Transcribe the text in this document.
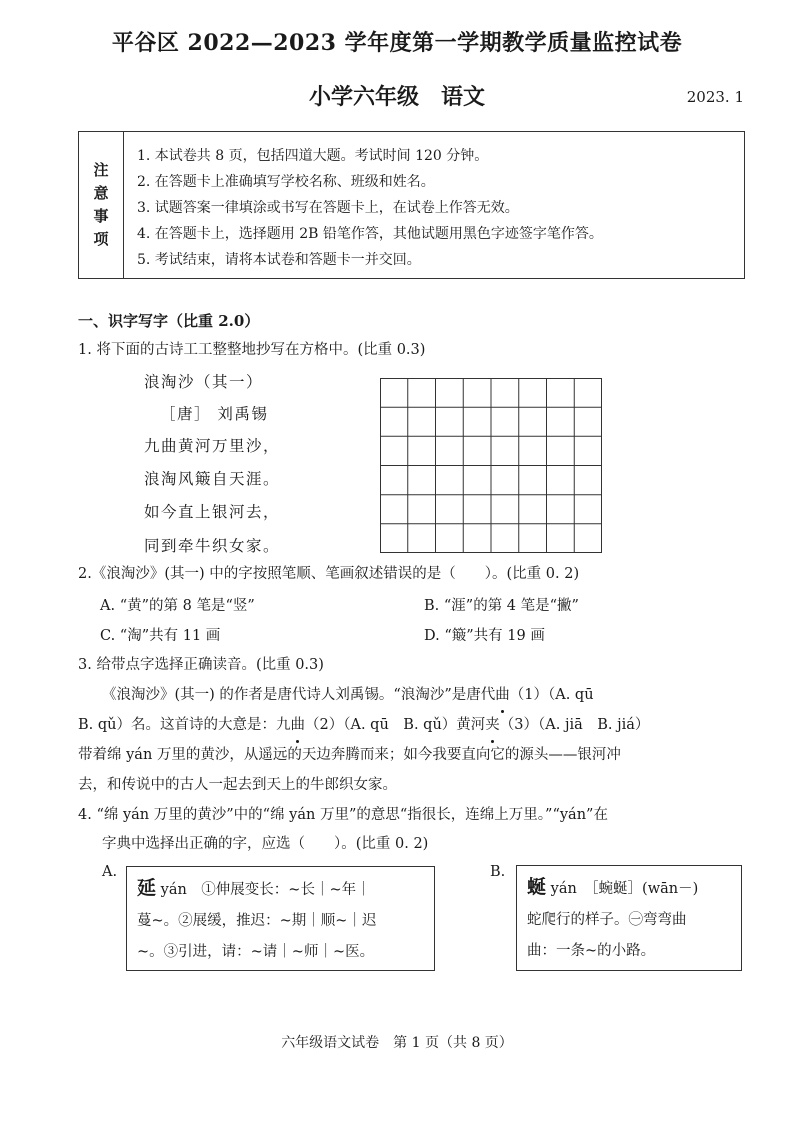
平谷区 2022—2023 学年度第一学期教学质量监控试卷
小学六年级　语文	2023. 1
注
意
事
项
1. 本试卷共 8 页，包括四道大题。考试时间 120 分钟。
2. 在答题卡上准确填写学校名称、班级和姓名。
3. 试题答案一律填涂或书写在答题卡上，在试卷上作答无效。
4. 在答题卡上，选择题用 2B 铅笔作答，其他试题用黑色字迹签字笔作答。
5. 考试结束，请将本试卷和答题卡一并交回。
一、识字写字（比重 2.0）
1. 将下面的古诗工工整整地抄写在方格中。(比重 0.3)
浪淘沙（其一）
［唐］ 刘禹锡
九曲黄河万里沙，
浪淘风簸自天涯。
如今直上银河去，
同到牵牛织女家。
2.《浪淘沙》(其一) 中的字按照笔顺、笔画叙述错误的是（　　）。(比重 0. 2)
A. “黄”的第 8 笔是“竖”	B. “涯”的第 4 笔是“撇”
C. “淘”共有 11 画	D. “簸”共有 19 画
3. 给带点字选择正确读音。(比重 0.3)
《浪淘沙》(其一) 的作者是唐代诗人刘禹锡。“浪淘沙”是唐代曲（1）（A. qū
B. qǔ）名。这首诗的大意是：九曲（2）（A. qū　B. qǔ）黄河夹（3）（A. jiā　B. jiá）
带着绵 yán 万里的黄沙，从遥远的天边奔腾而来；如今我要直向它的源头——银河冲
去，和传说中的古人一起去到天上的牛郎织女家。
4. “绵 yán 万里的黄沙”中的“绵 yán 万里”的意思“指很长，连绵上万里。”“yán”在
字典中选择出正确的字，应选（　　）。(比重 0. 2)
A.
延 yán　①伸展变长：~长｜~年｜
蔓~。②展缓，推迟：~期｜顺~｜迟
~。③引进，请：~请｜~师｜~医。
B.
蜒 yán　［蜿蜒］(wān－)
蛇爬行的样子。㊀弯弯曲
曲：一条~的小路。
六年级语文试卷　第 1 页（共 8 页）
